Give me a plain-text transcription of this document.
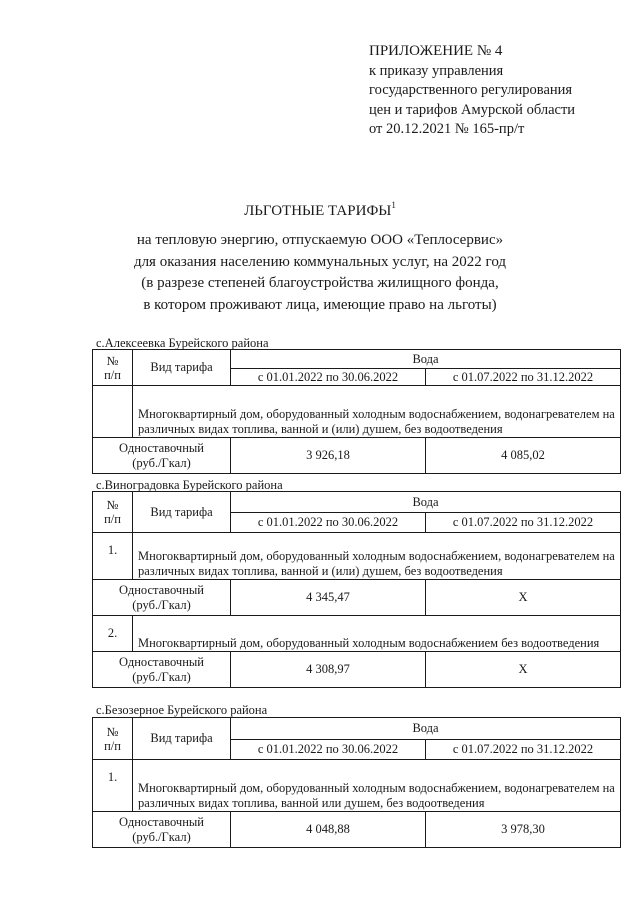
ПРИЛОЖЕНИЕ № 4
к приказу управления
государственного регулирования
цен и тарифов Амурской области
от 20.12.2021 № 165-пр/т
ЛЬГОТНЫЕ ТАРИФЫ$^1$
на тепловую энергию, отпускаемую ООО «Теплосервис»
для оказания населению коммунальных услуг, на 2022 год
(в разрезе степеней благоустройства жилищного фонда,
в котором проживают лица, имеющие право на льготы)
с.Алексеевка Бурейского района
№
п/п	Вид тарифа	Вода	
		с 01.01.2022 по 30.06.2022	с 01.07.2022 по 31.12.2022
	Многоквартирный дом, оборудованный холодным водоснабжением, водонагревателем на различных видах топлива, ванной и (или) душем, без водоотведения		

Одноставочный
(руб./Гкал)		3 926,18	4 085,02
с.Виноградовка Бурейского района
№
п/п	Вид тарифа	Вода	
		с 01.01.2022 по 30.06.2022	с 01.07.2022 по 31.12.2022
1.	Многоквартирный дом, оборудованный холодным водоснабжением, водонагревателем на различных видах топлива, ванной и (или) душем, без водоотведения		

Одноставочный
(руб./Гкал)		4 345,47	Х
2.	Многоквартирный дом, оборудованный холодным водоснабжением без водоотведения		

Одноставочный
(руб./Гкал)		4 308,97	Х
с.Безозерное Бурейского района
№
п/п	Вид тарифа	Вода	
		с 01.01.2022 по 30.06.2022	с 01.07.2022 по 31.12.2022
1.	Многоквартирный дом, оборудованный холодным водоснабжением, водонагревателем на различных видах топлива, ванной или душем, без водоотведения		

Одноставочный
(руб./Гкал)		4 048,88	3 978,30
